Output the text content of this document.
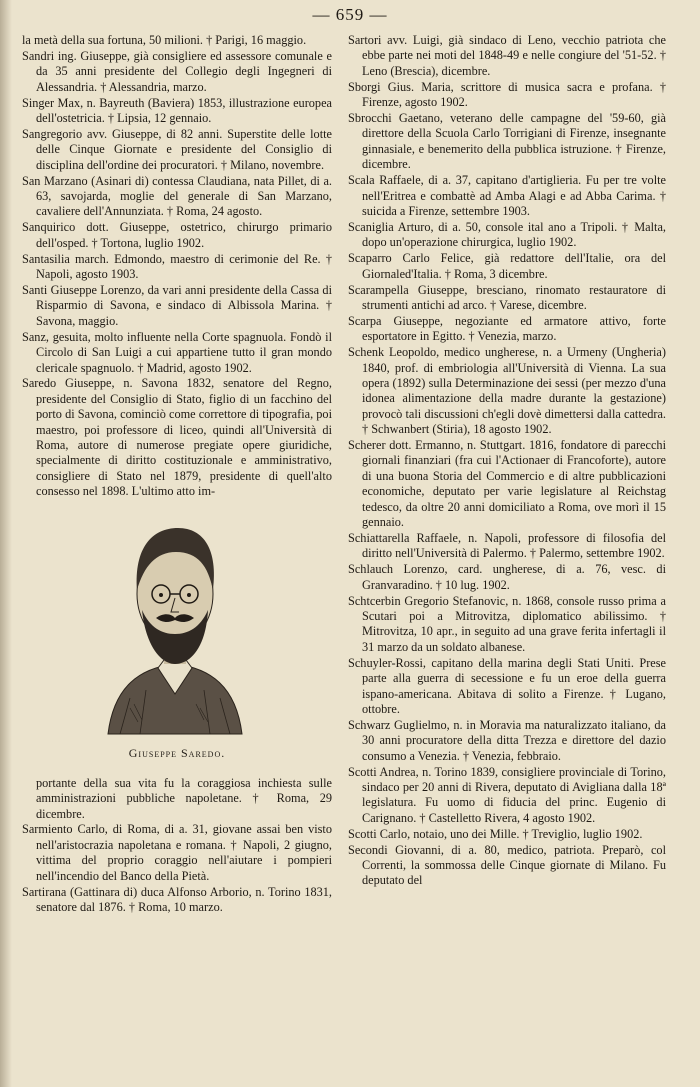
— 659 —

la metà della sua fortuna, 50 milioni. † Parigi, 16 maggio.

Sandri ing. Giuseppe, già consigliere ed assessore comunale e da 35 anni presidente del Collegio degli Ingegneri di Alessandria. † Alessandria, marzo.

Singer Max, n. Bayreuth (Baviera) 1853, illustrazione europea dell'ostetricia. † Lipsia, 12 gennaio.

Sangregorio avv. Giuseppe, di 82 anni. Superstite delle lotte delle Cinque Giornate e presidente del Consiglio di disciplina dell'ordine dei procuratori. † Milano, novembre.

San Marzano (Asinari di) contessa Claudiana, nata Pillet, di a. 63, savojarda, moglie del generale di San Marzano, cavaliere dell'Annunziata. † Roma, 24 agosto.

Sanquirico dott. Giuseppe, ostetrico, chirurgo primario dell'osped. † Tortona, luglio 1902.

Santasilia march. Edmondo, maestro di cerimonie del Re. † Napoli, agosto 1903.

Santi Giuseppe Lorenzo, da vari anni presidente della Cassa di Risparmio di Savona, e sindaco di Albissola Marina. † Savona, maggio.

Sanz, gesuita, molto influente nella Corte spagnuola. Fondò il Circolo di San Luigi a cui appartiene tutto il gran mondo clericale spagnuolo. † Madrid, agosto 1902.

Saredo Giuseppe, n. Savona 1832, senatore del Regno, presidente del Consiglio di Stato, figlio di un facchino del porto di Savona, cominciò come correttore di tipografia, poi maestro, poi professore di liceo, quindi all'Università di Roma, autore di numerose pregiate opere giuridiche, specialmente di diritto costituzionale e amministrativo, consigliere di Stato nel 1879, presidente di quell'alto consesso nel 1898. L'ultimo atto im-

Giuseppe Saredo.

portante della sua vita fu la coraggiosa inchiesta sulle amministrazioni pubbliche napoletane. † Roma, 29 dicembre.

Sarmiento Carlo, di Roma, di a. 31, giovane assai ben visto nell'aristocrazia napoletana e romana. † Napoli, 2 giugno, vittima del proprio coraggio nell'aiutare i pompieri nell'incendio del Banco della Pietà.

Sartirana (Gattinara di) duca Alfonso Arborio, n. Torino 1831, senatore dal 1876. † Roma, 10 marzo.

Sartori avv. Luigi, già sindaco di Leno, vecchio patriota che ebbe parte nei moti del 1848-49 e nelle congiure del '51-52. † Leno (Brescia), dicembre.

Sborgi Gius. Maria, scrittore di musica sacra e profana. † Firenze, agosto 1902.

Sbrocchi Gaetano, veterano delle campagne del '59-60, già direttore della Scuola Carlo Torrigiani di Firenze, insegnante ginnasiale, e benemerito della pubblica istruzione. † Firenze, dicembre.

Scala Raffaele, di a. 37, capitano d'artiglieria. Fu per tre volte nell'Eritrea e combattè ad Amba Alagi e ad Abba Carima. † suicida a Firenze, settembre 1903.

Scaniglia Arturo, di a. 50, console ital ano a Tripoli. † Malta, dopo un'operazione chirurgica, luglio 1902.

Scaparro Carlo Felice, già redattore dell'Italie, ora del Giornaled'Italia. † Roma, 3 dicembre.

Scarampella Giuseppe, bresciano, rinomato restauratore di strumenti antichi ad arco. † Varese, dicembre.

Scarpa Giuseppe, negoziante ed armatore attivo, forte esportatore in Egitto. † Venezia, marzo.

Schenk Leopoldo, medico ungherese, n. a Urmeny (Ungheria) 1840, prof. di embriologia all'Università di Vienna. La sua opera (1892) sulla Determinazione dei sessi (per mezzo d'una idonea alimentazione della madre durante la gestazione) provocò tali discussioni ch'egli dovè dimettersi dalla cattedra. † Schwanbert (Stiria), 18 agosto 1902.

Scherer dott. Ermanno, n. Stuttgart. 1816, fondatore di parecchi giornali finanziari (fra cui l'Actionaer di Francoforte), autore di una buona Storia del Commercio e di altre pubblicazioni economiche, deputato per varie legislature al Reichstag tedesco, da oltre 20 anni domiciliato a Roma, ove morì il 15 gennaio.

Schiattarella Raffaele, n. Napoli, professore di filosofia del diritto nell'Università di Palermo. † Palermo, settembre 1902.

Schlauch Lorenzo, card. ungherese, di a. 76, vesc. di Granvaradino. † 10 lug. 1902.

Schtcerbin Gregorio Stefanovic, n. 1868, console russo prima a Scutari poi a Mitrovitza, diplomatico abilissimo. † Mitrovitza, 10 apr., in seguito ad una grave ferita infertagli il 31 marzo da un soldato albanese.

Schuyler-Rossi, capitano della marina degli Stati Uniti. Prese parte alla guerra di secessione e fu un eroe della guerra ispano-americana. Abitava di solito a Firenze. † Lugano, ottobre.

Schwarz Guglielmo, n. in Moravia ma naturalizzato italiano, da 30 anni procuratore della ditta Trezza e direttore del dazio consumo a Venezia. † Venezia, febbraio.

Scotti Andrea, n. Torino 1839, consigliere provinciale di Torino, sindaco per 20 anni di Rivera, deputato di Avigliana dalla 18ª legislatura. Fu uomo di fiducia del princ. Eugenio di Carignano. † Castelletto Rivera, 4 agosto 1902.

Scotti Carlo, notaio, uno dei Mille. † Treviglio, luglio 1902.

Secondi Giovanni, di a. 80, medico, patriota. Preparò, col Correnti, la sommossa delle Cinque giornate di Milano. Fu deputato del
